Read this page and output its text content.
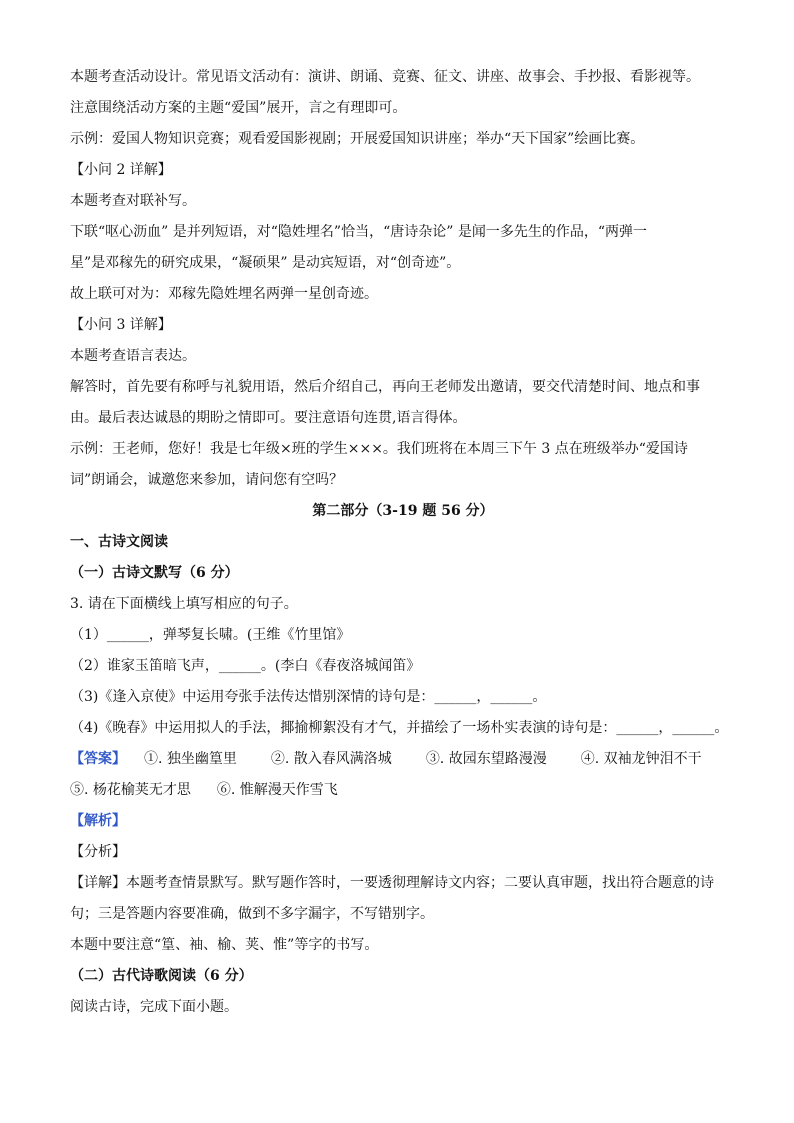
本题考查活动设计。常见语文活动有：演讲、朗诵、竞赛、征文、讲座、故事会、手抄报、看影视等。
注意围绕活动方案的主题“爱国”展开，言之有理即可。
示例：爱国人物知识竞赛；观看爱国影视剧；开展爱国知识讲座；举办“天下国家”绘画比赛。
【小问 2 详解】
本题考查对联补写。
下联“呕心沥血” 是并列短语，对“隐姓埋名”恰当，“唐诗杂论” 是闻一多先生的作品，“两弹一
星”是邓稼先的研究成果，“凝硕果” 是动宾短语，对“创奇迹”。
故上联可对为：邓稼先隐姓埋名两弹一星创奇迹。
【小问 3 详解】
本题考查语言表达。
解答时，首先要有称呼与礼貌用语，然后介绍自己，再向王老师发出邀请，要交代清楚时间、地点和事
由。最后表达诚恳的期盼之情即可。要注意语句连贯,语言得体。
示例：王老师，您好！我是七年级×班的学生×××。我们班将在本周三下午 3 点在班级举办“爱国诗
词”朗诵会，诚邀您来参加，请问您有空吗？
第二部分（3-19 题 56 分）
一、古诗文阅读
（一）古诗文默写（6 分）
3. 请在下面横线上填写相应的句子。
（1）______，弹琴复长啸。(王维《竹里馆》
（2）谁家玉笛暗飞声，______。(李白《春夜洛城闻笛》
（3)《逢入京使》中运用夸张手法传达惜别深情的诗句是：______，______。
（4)《晚春》中运用拟人的手法，揶揄柳絮没有才气，并描绘了一场朴实表演的诗句是：______，______。
【答案】 ①. 独坐幽篁里 ②. 散入春风满洛城 ③. 故园东望路漫漫 ④. 双袖龙钟泪不干
⑤. 杨花榆荚无才思 ⑥. 惟解漫天作雪飞
【解析】
【分析】
【详解】本题考查情景默写。默写题作答时，一要透彻理解诗文内容；二要认真审题，找出符合题意的诗
句；三是答题内容要准确，做到不多字漏字，不写错别字。
本题中要注意“篁、袖、榆、荚、惟”等字的书写。
（二）古代诗歌阅读（6 分）
阅读古诗，完成下面小题。
